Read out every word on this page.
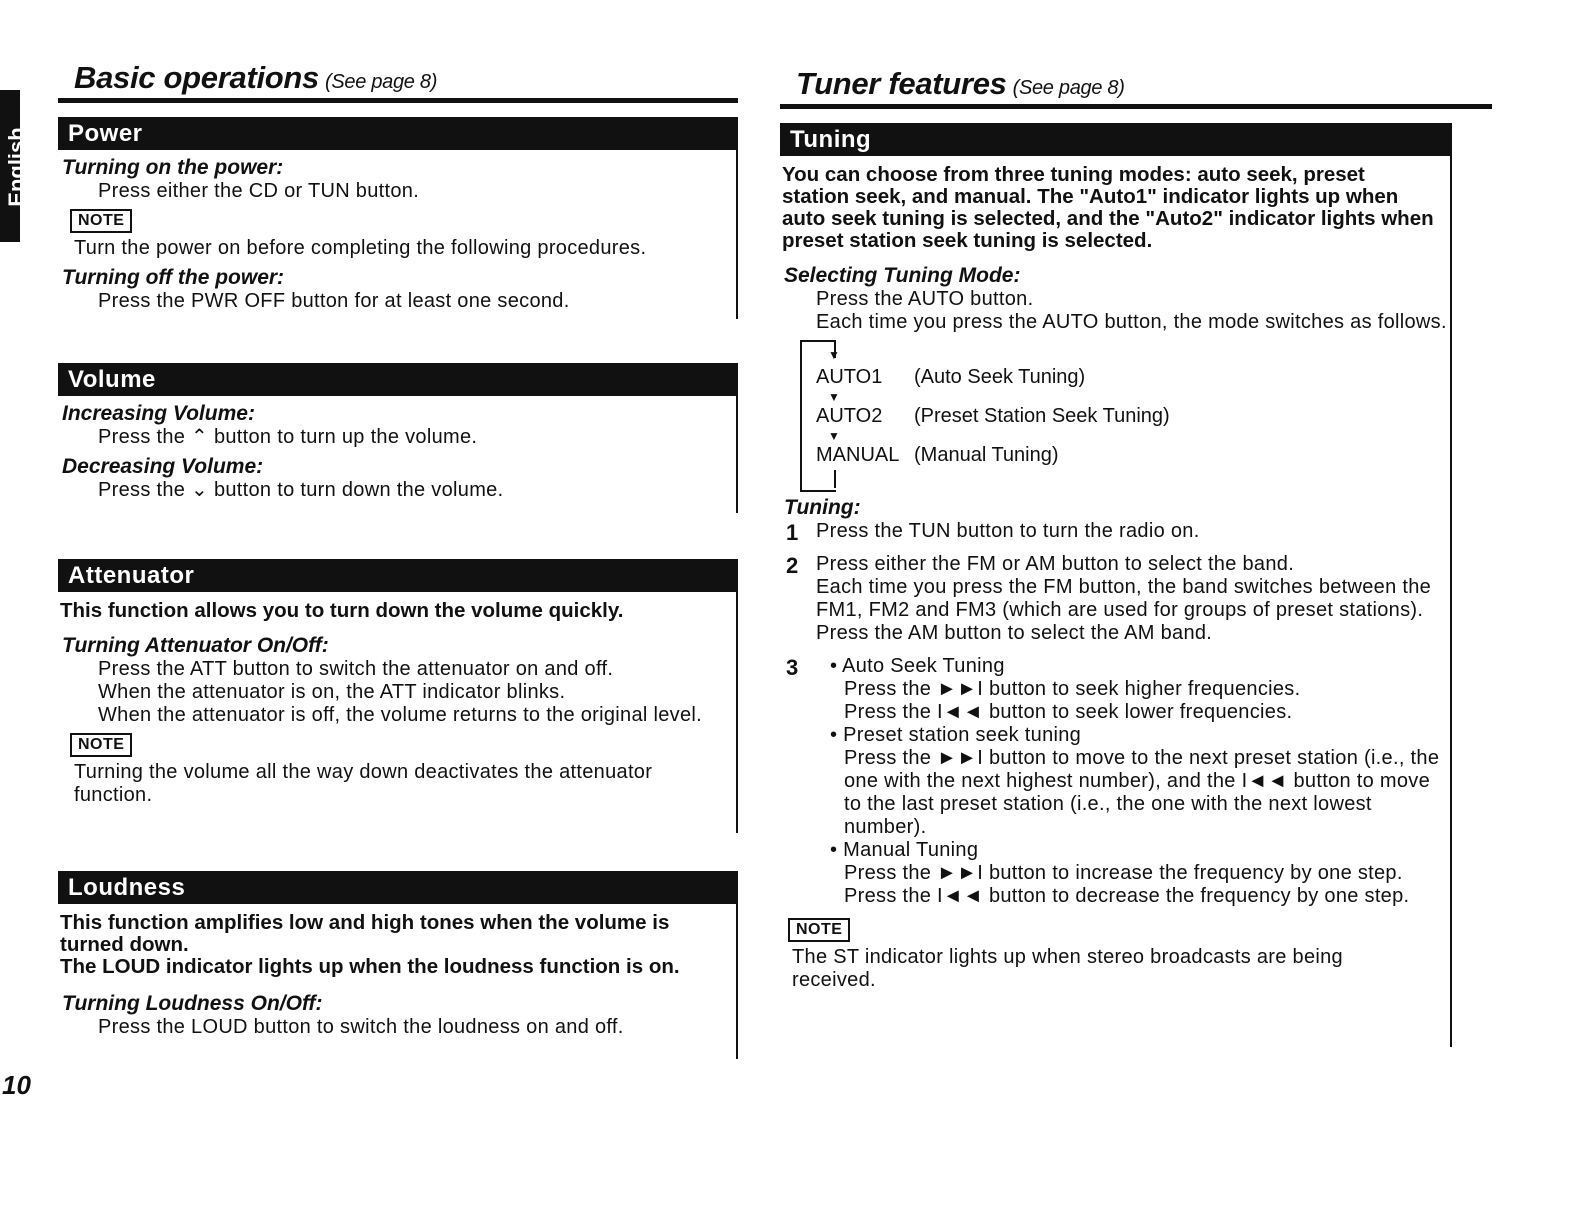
English
10
Basic operations (See page 8)
Power
Turning on the power:
Press either the CD or TUN button.
NOTE
Turn the power on before completing the following procedures.
Turning off the power:
Press the PWR OFF button for at least one second.
Volume
Increasing Volume:
Press the ⌃ button to turn up the volume.
Decreasing Volume:
Press the ⌄ button to turn down the volume.
Attenuator
This function allows you to turn down the volume quickly.
Turning Attenuator On/Off:

Press the ATT button to switch the attenuator on and off.

When the attenuator is on, the ATT indicator blinks.

When the attenuator is off, the volume returns to the original level.

NOTE
Turning the volume all the way down deactivates the attenuator function.
Loudness
This function amplifies low and high tones when the volume is turned down.
The LOUD indicator lights up when the loudness function is on.
Turning Loudness On/Off:
Press the LOUD button to switch the loudness on and off.
Tuner features (See page 8)
Tuning
You can choose from three tuning modes: auto seek, preset station seek, and manual. The "Auto1" indicator lights up when auto seek tuning is selected, and the "Auto2" indicator lights when preset station seek tuning is selected.
Selecting Tuning Mode:

Press the AUTO button.

Each time you press the AUTO button, the mode switches as follows.

▼
AUTO1 (Auto Seek Tuning)
▼
AUTO2 (Preset Station Seek Tuning)
▼
MANUAL (Manual Tuning)
Tuning:
1 Press the TUN button to turn the radio on.
2 Press either the FM or AM button to select the band.

Each time you press the FM button, the band switches between the FM1, FM2 and FM3 (which are used for groups of preset stations).

Press the AM button to select the AM band.

3 • Auto Seek Tuning

Press the ►►I button to seek higher frequencies.

Press the I◄◄ button to seek lower frequencies.

• Preset station seek tuning

Press the ►►I button to move to the next preset station (i.e., the one with the next highest number), and the I◄◄ button to move to the last preset station (i.e., the one with the next lowest number).

• Manual Tuning

Press the ►►I button to increase the frequency by one step.

Press the I◄◄ button to decrease the frequency by one step.

NOTE
The ST indicator lights up when stereo broadcasts are being received.
